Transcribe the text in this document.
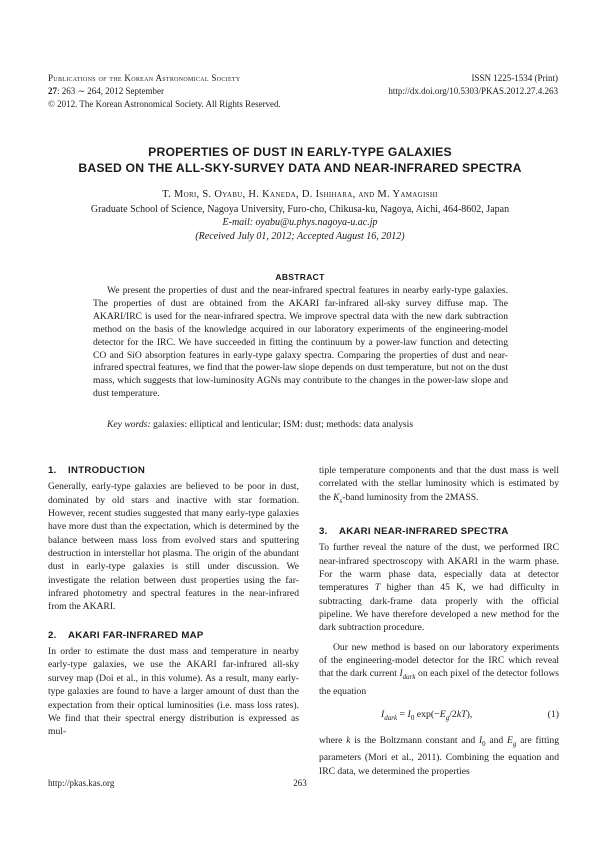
Publications of the Korean Astronomical Society
27: 263 ∼ 264, 2012 September
© 2012. The Korean Astronomical Society. All Rights Reserved.
ISSN 1225-1534 (Print)
http://dx.doi.org/10.5303/PKAS.2012.27.4.263
PROPERTIES OF DUST IN EARLY-TYPE GALAXIES
BASED ON THE ALL-SKY-SURVEY DATA AND NEAR-INFRARED SPECTRA
T. Mori, S. Oyabu, H. Kaneda, D. Ishihara, and M. Yamagishi
Graduate School of Science, Nagoya University, Furo-cho, Chikusa-ku, Nagoya, Aichi, 464-8602, Japan
E-mail: oyabu@u.phys.nagoya-u.ac.jp
(Received July 01, 2012; Accepted August 16, 2012)
ABSTRACT
We present the properties of dust and the near-infrared spectral features in nearby early-type galaxies. The properties of dust are obtained from the AKARI far-infrared all-sky survey diffuse map. The AKARI/IRC is used for the near-infrared spectra. We improve spectral data with the new dark subtraction method on the basis of the knowledge acquired in our laboratory experiments of the engineering-model detector for the IRC. We have succeeded in fitting the continuum by a power-law function and detecting CO and SiO absorption features in early-type galaxy spectra. Comparing the properties of dust and near-infrared spectral features, we find that the power-law slope depends on dust temperature, but not on the dust mass, which suggests that low-luminosity AGNs may contribute to the changes in the power-law slope and dust temperature.
Key words: galaxies: elliptical and lenticular; ISM: dust; methods: data analysis
1. INTRODUCTION

Generally, early-type galaxies are believed to be poor in dust, dominated by old stars and inactive with star formation. However, recent studies suggested that many early-type galaxies have more dust than the expectation, which is determined by the balance between mass loss from evolved stars and sputtering destruction in interstellar hot plasma. The origin of the abundant dust in early-type galaxies is still under discussion. We investigate the relation between dust properties using the far-infrared photometry and spectral features in the near-infrared from the AKARI.

2. AKARI FAR-INFRARED MAP

In order to estimate the dust mass and temperature in nearby early-type galaxies, we use the AKARI far-infrared all-sky survey map (Doi et al., in this volume). As a result, many early-type galaxies are found to have a larger amount of dust than the expectation from their optical luminosities (i.e. mass loss rates). We find that their spectral energy distribution is expressed as mul-

tiple temperature components and that the dust mass is well correlated with the stellar luminosity which is estimated by the $K_s$-band luminosity from the 2MASS.

3. AKARI NEAR-INFRARED SPECTRA

To further reveal the nature of the dust, we performed IRC near-infrared spectroscopy with AKARI in the warm phase. For the warm phase data, especially data at detector temperatures T higher than 45 K, we had difficulty in subtracting dark-frame data properly with the official pipeline. We have therefore developed a new method for the dark subtraction procedure.

Our new method is based on our laboratory experiments of the engineering-model detector for the IRC which reveal that the dark current $I_{dark}$ on each pixel of the detector follows the equation

$I_{dark} = I_0$ $\exp(-E_g/2kT)$,	(1)

where k is the Boltzmann constant and $I_0$ and $E_g$ are fitting parameters (Mori et al., 2011). Combining the equation and IRC data, we determined the properties

http://pkas.kas.org	263
